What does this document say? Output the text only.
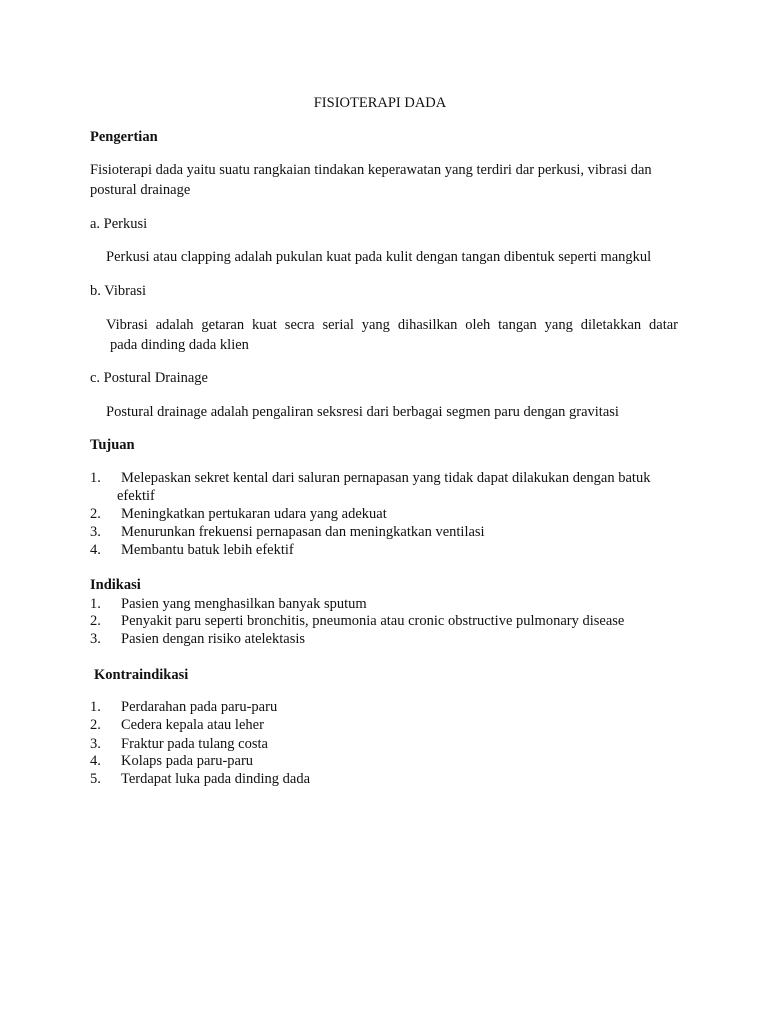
FISIOTERAPI DADA
Pengertian
Fisioterapi dada yaitu suatu rangkaian tindakan keperawatan yang terdiri dar perkusi, vibrasi dan
postural drainage
a. Perkusi
Perkusi atau clapping adalah pukulan kuat pada kulit dengan tangan dibentuk seperti mangkul
b. Vibrasi
Vibrasi adalah getaran kuat secra serial yang dihasilkan oleh tangan yang diletakkan datar
pada dinding dada klien
c. Postural Drainage
Postural drainage adalah pengaliran seksresi dari berbagai segmen paru dengan gravitasi
Tujuan
1. Melepaskan sekret kental dari saluran pernapasan yang tidak dapat dilakukan dengan batuk
efektif
2. Meningkatkan pertukaran udara yang adekuat
3. Menurunkan frekuensi pernapasan dan meningkatkan ventilasi
4. Membantu batuk lebih efektif
Indikasi
1. Pasien yang menghasilkan banyak sputum
2. Penyakit paru seperti bronchitis, pneumonia atau cronic obstructive pulmonary disease
3. Pasien dengan risiko atelektasis
Kontraindikasi
1. Perdarahan pada paru-paru
2. Cedera kepala atau leher
3. Fraktur pada tulang costa
4. Kolaps pada paru-paru
5. Terdapat luka pada dinding dada
